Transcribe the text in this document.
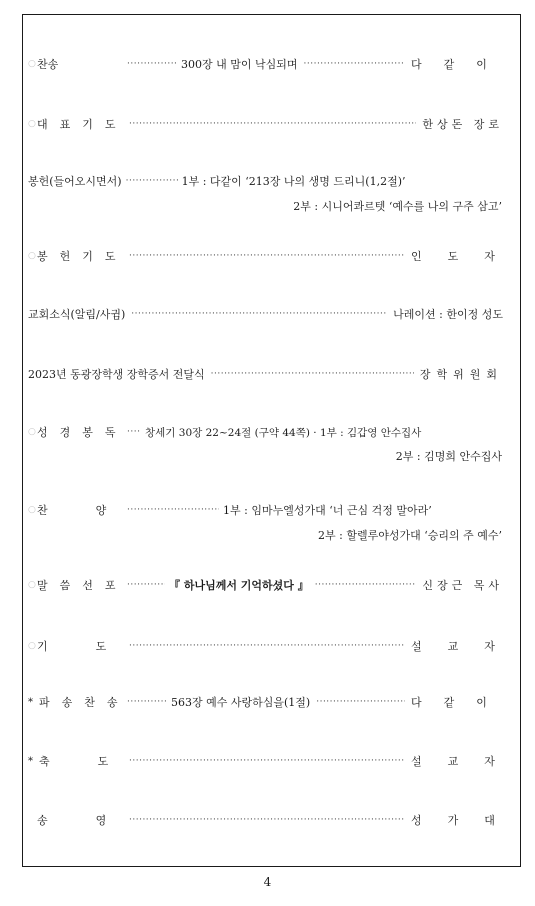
○ 찬송 ·····	300장 내 맘이 낙심되며 ·····	다같이
○ 대표기도 ·····	한상돈 장로
봉헌(들어오시면서) ·····	1부 : 다같이 ‘213장 나의 생명 드리니(1,2절)’
2부 : 시니어콰르텟 ‘예수를 나의 구주 삼고’
○ 봉헌기도 ·····	인도자
교회소식(알림/사귐) ·····	나레이션 : 한이정 성도
2023년 동광장학생 장학증서 전달식 ·····	장학위원회
○ 성경봉독 ····· 창세기 30장 22~24절 (구약 44쪽) · 1부 : 김갑영 안수집사
2부 : 김명희 안수집사
○ 찬양 ·····	1부 : 임마누엘성가대 ‘너 근심 걱정 말아라’
2부 : 할렐루야성가대 ‘승리의 주 예수’
○ 말씀선포 ·····	『 하나님께서 기억하셨다 』 ·····	신장근 목사
○ 기도 ·····	설교자
* 파송찬송 ·····	563장 예수 사랑하심을(1절) ·····	다같이
* 축도 ·····	설교자
송영 ·····	성가대
4
